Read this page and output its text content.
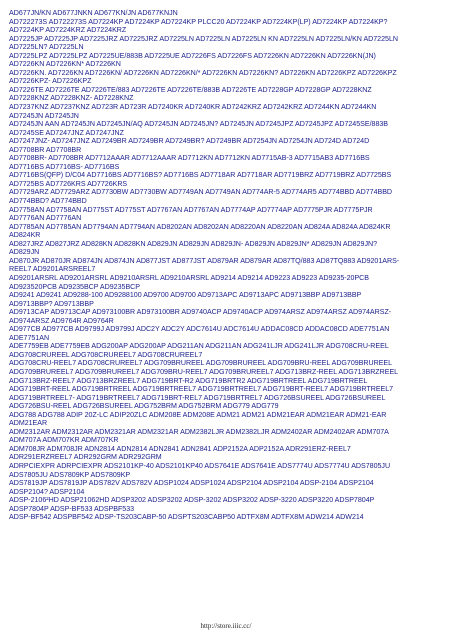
AD677JN/KN AD677JNKN AD677KN/JN AD677KNJN
AD722273S AD722273S AD7224KP AD7224KP AD7224KP PLCC20 AD7224KP AD7224KP(LP) AD7224KP AD7224KP?
AD7224KP AD7224KRZ AD7224KRZ
AD7225JP AD7225JP AD7225JRZ AD7225JRZ AD7225LN AD7225LN AD7225LN KN AD7225LN AD7225LN/KN AD7225LN
AD7225LN? AD7225LN
AD7225LPZ AD7225LPZ AD7225UE/883B AD7225UE AD7226FS AD7226FS AD7226KN AD7226KN AD7226KN(JN)
AD7226KN AD7226KN* AD7226KN
AD7226KN. AD7226KN AD7226KN/ AD7226KN AD7226KN/* AD7226KN AD7226KN? AD7226KN AD7226KPZ AD7226KPZ
AD7226KPZ- AD7226KPZ
AD7226TE AD7226TE AD7226TE/883 AD7226TE AD7226TE/883B AD7226TE AD7228GP AD7228GP AD7228KNZ
AD7228KNZ AD7228KNZ- AD7228KNZ
AD7237KNZ AD7237KNZ AD723R AD723R AD7240KR AD7240KR AD7242KRZ AD7242KRZ AD7244KN AD7244KN
AD7245JN AD7245JN
AD7245JN AAN AD7245JN AD7245JN/AQ AD7245JN AD7245JN? AD7245JN AD7245JPZ AD7245JPZ AD7245SE/883B
AD7245SE AD7247JNZ AD7247JNZ
AD7247JNZ- AD7247JNZ AD7249BR AD7249BR AD7249BR? AD7249BR AD7254JN AD7254JN AD724D AD724D
AD7708BR AD7708BR
AD7708BR- AD7708BR AD7712AAAR AD7712AAAR AD7712KN AD7712KN AD7715AB-3 AD7715AB3 AD7716BS
AD7716BS AD7716BS- AD7716BS
AD7716BS(QFP) D/C04 AD7716BS AD7716BS? AD7716BS AD7718AR AD7718AR AD7719BRZ AD7719BRZ AD7725BS
AD7725BS AD7726KRS AD7726KRS
AD7729ARZ AD7729ARZ AD7730BW AD7730BW AD7749AN AD7749AN AD774AR-5 AD774AR5 AD774BBD AD774BBD
AD774BBD? AD774BBD
AD7758AN AD7758AN AD775ST AD775ST AD7767AN AD7767AN AD7774AP AD7774AP AD7775PJR AD7775PJR
AD7776AN AD7776AN
AD7785AN AD7785AN AD7794AN AD7794AN AD8202AN AD8202AN AD8220AN AD8220AN AD824A AD824A AD824KR
AD824KR
AD827JRZ AD827JRZ AD828KN AD828KN AD829JN AD829JN AD829JN- AD829JN AD829JN* AD829JN AD829JN?
AD829JN
AD870JR AD870JR AD874JN AD874JN AD877JST AD877JST AD879AR AD879AR AD87TQ/883 AD87TQ883 AD9201ARS-
REEL7 AD9201ARSREEL7
AD9201ARSRL AD9201ARSRL AD9210ARSRL AD9210ARSRL AD9214 AD9214 AD9223 AD9223 AD9235-20PCB
AD923520PCB AD9235BCP AD9235BCP
AD9241 AD9241 AD9288-100 AD9288100 AD9700 AD9700 AD9713APC AD9713APC AD9713BBP AD9713BBP
AD9713BBP? AD9713BBP
AD9713CAP AD9713CAP AD973100BR AD973100BR AD9740ACP AD9740ACP AD974ARSZ AD974ARSZ AD974ARSZ-
AD974ARSZ AD9764R AD9764R
AD977CB AD977CB AD9799J AD9799J ADC2Y ADC2Y ADC7614U ADC7614U ADDAC08CD ADDAC08CD ADE7751AN
ADE7751AN
ADE7759EB ADE7759EB ADG200AP ADG200AP ADG211AN ADG211AN ADG241LJR ADG241LJR ADG708CRU-REEL
ADG708CRUREEL ADG708CRUREEL7 ADG708CRUREEL7
ADG708CRU-REEL7 ADG708CRUREEL7 ADG709BRUREEL ADG709BRUREEL ADG709BRU-REEL ADG709BRUREEL
ADG709BRUREEL7 ADG709BRUREEL7 ADG709BRU-REEL7 ADG709BRUREEL7 ADG713BRZ-REEL ADG713BRZREEL
ADG713BRZ-REEL7 ADG713BRZREEL7 ADG719BRT-R2 ADG719BRTR2 ADG719BRTREEL ADG719BRTREEL
ADG719BRT-REEL ADG719BRTREEL ADG719BRTREEL7 ADG719BRTREEL7 ADG719BRT-REEL7 ADG719BRTREEL7
ADG719BRTREEL7- ADG719BRTREEL7 ADG719BRT-REL7 ADG719BRTREL7 ADG726BSUREEL ADG726BSUREEL
ADG726BSU-REEL ADG726BSUREEL ADG752BRM ADG752BRM ADG779 ADG779
ADG788 ADG788 ADIP 20Z-LC ADIP20ZLC ADM208E ADM208E ADM21 ADM21 ADM21EAR ADM21EAR ADM21-EAR
ADM21EAR
ADM2312AR ADM2312AR ADM2321AR ADM2321AR ADM2382LJR ADM2382LJR ADM2402AR ADM2402AR ADM707A
ADM707A ADM707KR ADM707KR
ADM708JR ADM708JR ADN2814 ADN2814 ADN2841 ADN2841 ADP2152A ADP2152A ADR291ERZ-REEL7
ADR291ERZREEL7 ADR292GRM ADR292GRM
ADRPCIEXPR ADRPCIEXPR ADS2101KP-40 ADS2101KP40 ADS7641E ADS7641E ADS7774U ADS7774U ADS7805JU
ADS7805JU ADS7809KP ADS7809KP
ADS7819JP ADS7819JP ADS782V ADS782V ADSP1024 ADSP1024 ADSP2104 ADSP2104 ADSP-2104 ADSP2104
ADSP2104? ADSP2104
ADSP-2106²HD ADSP21062HD ADSP3202 ADSP3202 ADSP-3202 ADSP3202 ADSP-3220 ADSP3220 ADSP7804P
ADSP7804P ADSP-BF533 ADSPBF533
ADSP-BF542 ADSPBF542 ADSP-TS203CABP-50 ADSPTS203CABP50 ADTFX8M ADTFX8M ADW214 ADW214

http://store.iiic.cc/
